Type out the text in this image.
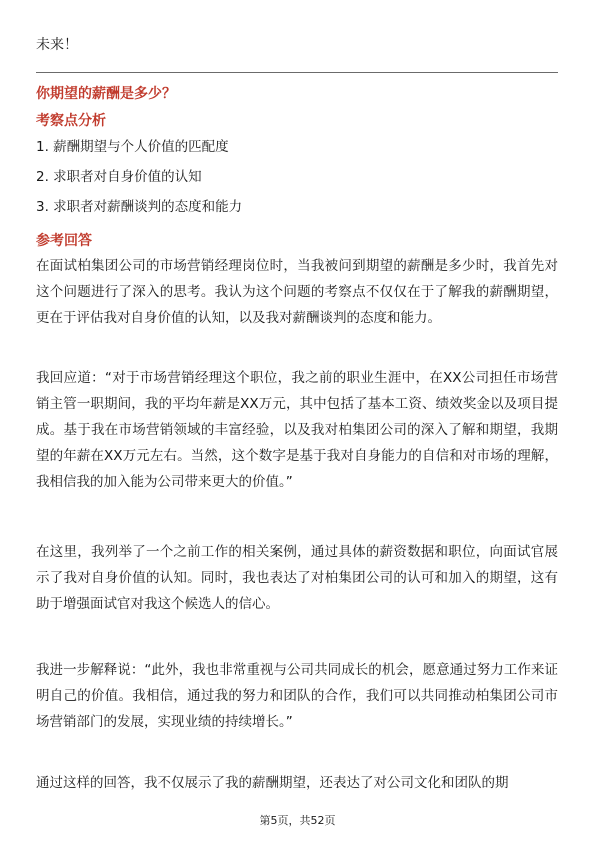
未来！
你期望的薪酬是多少？
考察点分析
1. 薪酬期望与个人价值的匹配度
2. 求职者对自身价值的认知
3. 求职者对薪酬谈判的态度和能力
参考回答
在面试柏集团公司的市场营销经理岗位时，当我被问到期望的薪酬是多少时，我首先对这个问题进行了深入的思考。我认为这个问题的考察点不仅仅在于了解我的薪酬期望，更在于评估我对自身价值的认知，以及我对薪酬谈判的态度和能力。
我回应道：“对于市场营销经理这个职位，我之前的职业生涯中，在XX公司担任市场营销主管一职期间，我的平均年薪是XX万元，其中包括了基本工资、绩效奖金以及项目提成。基于我在市场营销领域的丰富经验，以及我对柏集团公司的深入了解和期望，我期望的年薪在XX万元左右。当然，这个数字是基于我对自身能力的自信和对市场的理解，我相信我的加入能为公司带来更大的价值。”
在这里，我列举了一个之前工作的相关案例，通过具体的薪资数据和职位，向面试官展示了我对自身价值的认知。同时，我也表达了对柏集团公司的认可和加入的期望，这有助于增强面试官对我这个候选人的信心。
我进一步解释说：“此外，我也非常重视与公司共同成长的机会，愿意通过努力工作来证明自己的价值。我相信，通过我的努力和团队的合作，我们可以共同推动柏集团公司市场营销部门的发展，实现业绩的持续增长。”
通过这样的回答，我不仅展示了我的薪酬期望，还表达了对公司文化和团队的期
第5页，共52页
